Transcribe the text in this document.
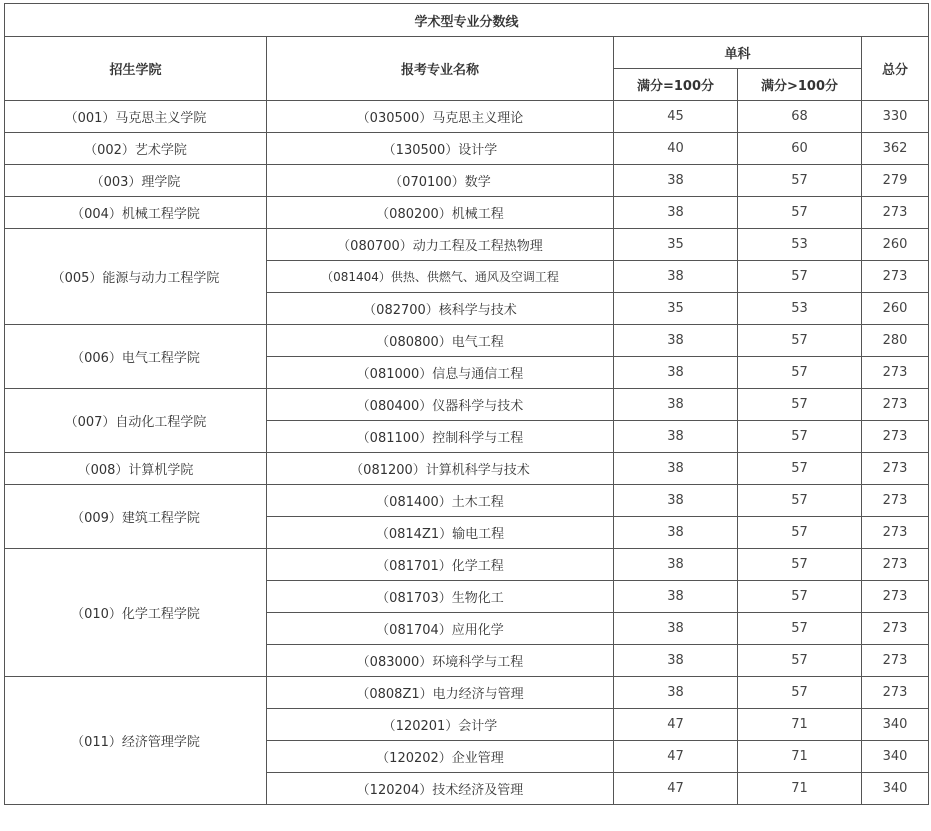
学术型专业分数线				
招生学院	报考专业名称	单科		总分
		满分=100分	满分>100分	
（001）马克思主义学院	（030500）马克思主义理论	45	68	330
（002）艺术学院	（130500）设计学	40	60	362
（003）理学院	（070100）数学	38	57	279
（004）机械工程学院	（080200）机械工程	38	57	273
（005）能源与动力工程学院	（080700）动力工程及工程热物理	35	53	260
	（081404）供热、供燃气、通风及空调工程	38	57	273
	（082700）核科学与技术	35	53	260
（006）电气工程学院	（080800）电气工程	38	57	280
	（081000）信息与通信工程	38	57	273
（007）自动化工程学院	（080400）仪器科学与技术	38	57	273
	（081100）控制科学与工程	38	57	273
（008）计算机学院	（081200）计算机科学与技术	38	57	273
（009）建筑工程学院	（081400）土木工程	38	57	273
	（0814Z1）输电工程	38	57	273
（010）化学工程学院	（081701）化学工程	38	57	273
	（081703）生物化工	38	57	273
	（081704）应用化学	38	57	273
	（083000）环境科学与工程	38	57	273
（011）经济管理学院	（0808Z1）电力经济与管理	38	57	273
	（120201）会计学	47	71	340
	（120202）企业管理	47	71	340
	（120204）技术经济及管理	47	71	340
